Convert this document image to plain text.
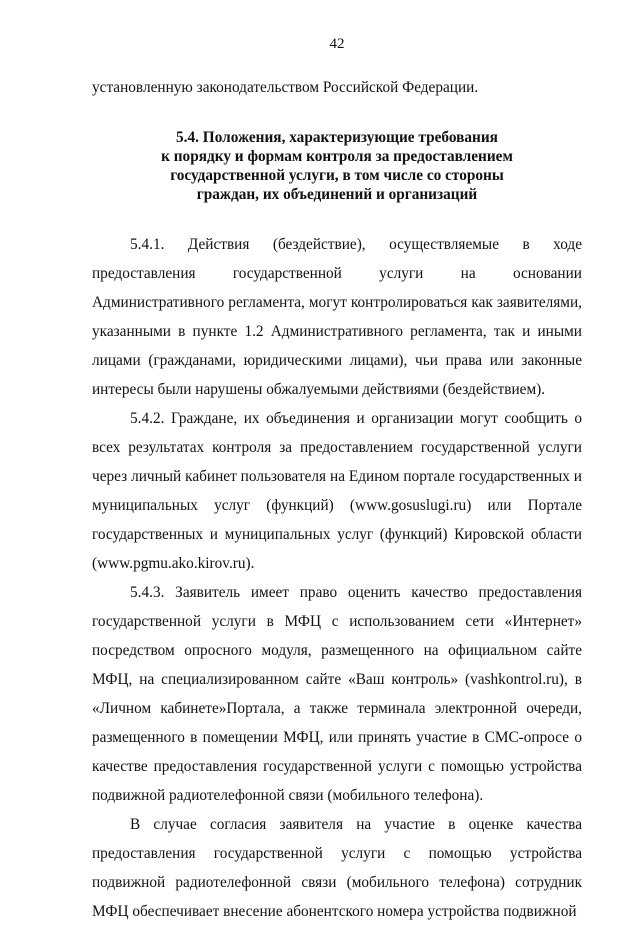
42

установленную законодательством Российской Федерации.

5.4. Положения, характеризующие требования
к порядку и формам контроля за предоставлением
государственной услуги, в том числе со стороны
граждан, их объединений и организаций

5.4.1. Действия (бездействие), осуществляемые в ходе предоставления государственной услуги на основании Административного регламента, могут контролироваться как заявителями, указанными в пункте 1.2 Административного регламента, так и иными лицами (гражданами, юридическими лицами), чьи права или законные интересы были нарушены обжалуемыми действиями (бездействием).

5.4.2. Граждане, их объединения и организации могут сообщить о всех результатах контроля за предоставлением государственной услуги через личный кабинет пользователя на Едином портале государственных и муниципальных услуг (функций) (www.gosuslugi.ru) или Портале государственных и муниципальных услуг (функций) Кировской области (www.pgmu.ako.kirov.ru).

5.4.3. Заявитель имеет право оценить качество предоставления государственной услуги в МФЦ с использованием сети «Интернет» посредством опросного модуля, размещенного на официальном сайте МФЦ, на специализированном сайте «Ваш контроль» (vashkontrol.ru), в «Личном кабинете»Портала, а также терминала электронной очереди, размещенного в помещении МФЦ, или принять участие в СМС-опросе о качестве предоставления государственной услуги с помощью устройства подвижной радиотелефонной связи (мобильного телефона).

В случае согласия заявителя на участие в оценке качества предоставления государственной услуги с помощью устройства подвижной радиотелефонной связи (мобильного телефона) сотрудник МФЦ обеспечивает внесение абонентского номера устройства подвижной
